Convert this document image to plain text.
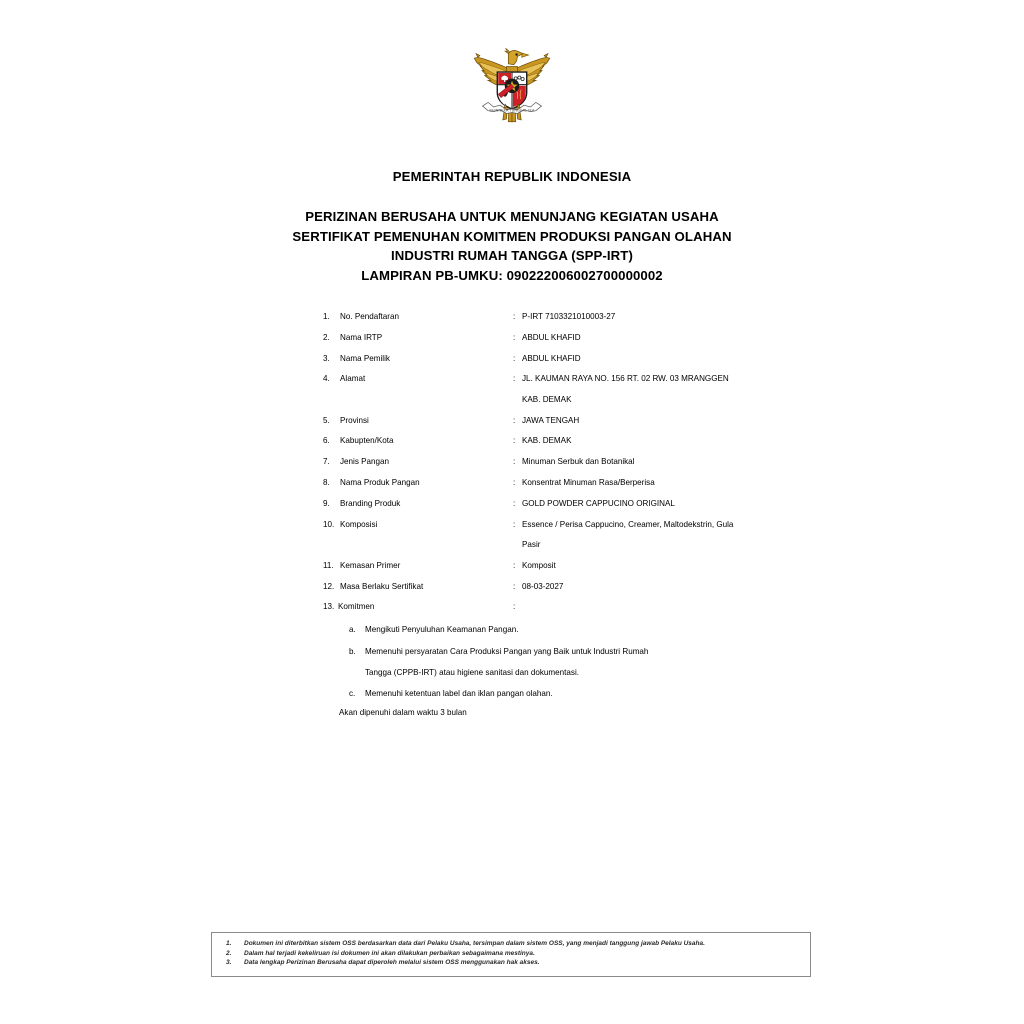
BHINNEKA TUNGGAL IKA
PEMERINTAH REPUBLIK INDONESIA
PERIZINAN BERUSAHA UNTUK MENUNJANG KEGIATAN USAHA
SERTIFIKAT PEMENUHAN KOMITMEN PRODUKSI PANGAN OLAHAN
INDUSTRI RUMAH TANGGA (SPP-IRT)
LAMPIRAN PB-UMKU: 090222006002700000002
1.	No. Pendaftaran	: P-IRT 7103321010003-27
2.	Nama IRTP	: ABDUL KHAFID
3.	Nama Pemilik	: ABDUL KHAFID
4.	Alamat	: JL. KAUMAN RAYA NO. 156 RT. 02 RW. 03 MRANGGEN
KAB. DEMAK
5.	Provinsi	: JAWA TENGAH
6.	Kabupten/Kota	: KAB. DEMAK
7.	Jenis Pangan	: Minuman Serbuk dan Botanikal
8.	Nama Produk Pangan	: Konsentrat Minuman Rasa/Berperisa
9.	Branding Produk	: GOLD POWDER CAPPUCINO ORIGINAL
10. Komposisi	: Essence / Perisa Cappucino, Creamer, Maltodekstrin, Gula
Pasir
11. Kemasan Primer	: Komposit
12. Masa Berlaku Sertifikat	: 08-03-2027
13. Komitmen	:
a.	Mengikuti Penyuluhan Keamanan Pangan.
b.	Memenuhi persyaratan Cara Produksi Pangan yang Baik untuk Industri Rumah
Tangga (CPPB-IRT) atau higiene sanitasi dan dokumentasi.
c.	Memenuhi ketentuan label dan iklan pangan olahan.
Akan dipenuhi dalam waktu 3 bulan
1.	Dokumen ini diterbitkan sistem OSS berdasarkan data dari Pelaku Usaha, tersimpan dalam sistem OSS, yang menjadi tanggung jawab Pelaku Usaha.
2.	Dalam hal terjadi kekeliruan isi dokumen ini akan dilakukan perbaikan sebagaimana mestinya.
3.	Data lengkap Perizinan Berusaha dapat diperoleh melalui sistem OSS menggunakan hak akses.
